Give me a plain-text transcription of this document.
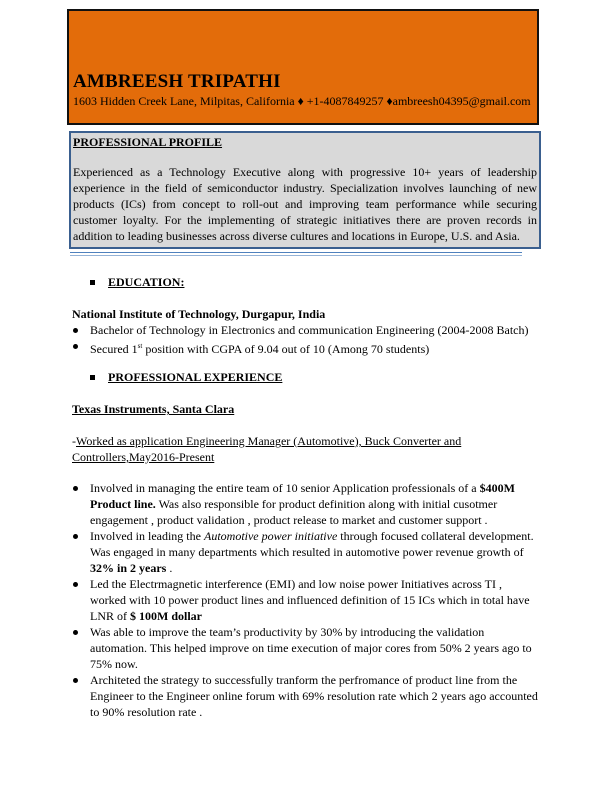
AMBREESH TRIPATHI
1603 Hidden Creek Lane, Milpitas, California ♦ +1-4087849257 ♦ambreesh04395@gmail.com
PROFESSIONAL PROFILE
Experienced as a Technology Executive along with progressive 10+ years of leadership experience in the field of semiconductor industry. Specialization involves launching of new products (ICs) from concept to roll-out and improving team performance while securing customer loyalty. For the implementing of strategic initiatives there are proven records in addition to leading businesses across diverse cultures and locations in Europe, U.S. and Asia.
EDUCATION:
National Institute of Technology, Durgapur, India
Bachelor of Technology in Electronics and communication Engineering (2004-2008 Batch)
Secured 1st position with CGPA of 9.04 out of 10 (Among 70 students)
PROFESSIONAL EXPERIENCE
Texas Instruments, Santa Clara
-Worked as application Engineering Manager (Automotive), Buck Converter and
Controllers,May2016-Present
Involved in managing the entire team of 10 senior Application professionals of a $400M Product line. Was also responsible for product definition along with initial cusotmer engagement , product validation , product release to market and customer support .
Involved in leading the Automotive power initiative through focused collateral development. Was engaged in many departments which resulted in automotive power revenue growth of 32% in 2 years .
Led the Electrmagnetic interference (EMI) and low noise power Initiatives across TI , worked with 10 power product lines and influenced definition of 15 ICs which in total have LNR of $ 100M dollar
Was able to improve the team’s productivity by 30% by introducing the validation automation. This helped improve on time execution of major cores from 50% 2 years ago to 75% now.
Architeted the strategy to successfully tranform the perfromance of product line from the Engineer to the Engineer online forum with 69% resolution rate which 2 years ago accounted to 90% resolution rate .
